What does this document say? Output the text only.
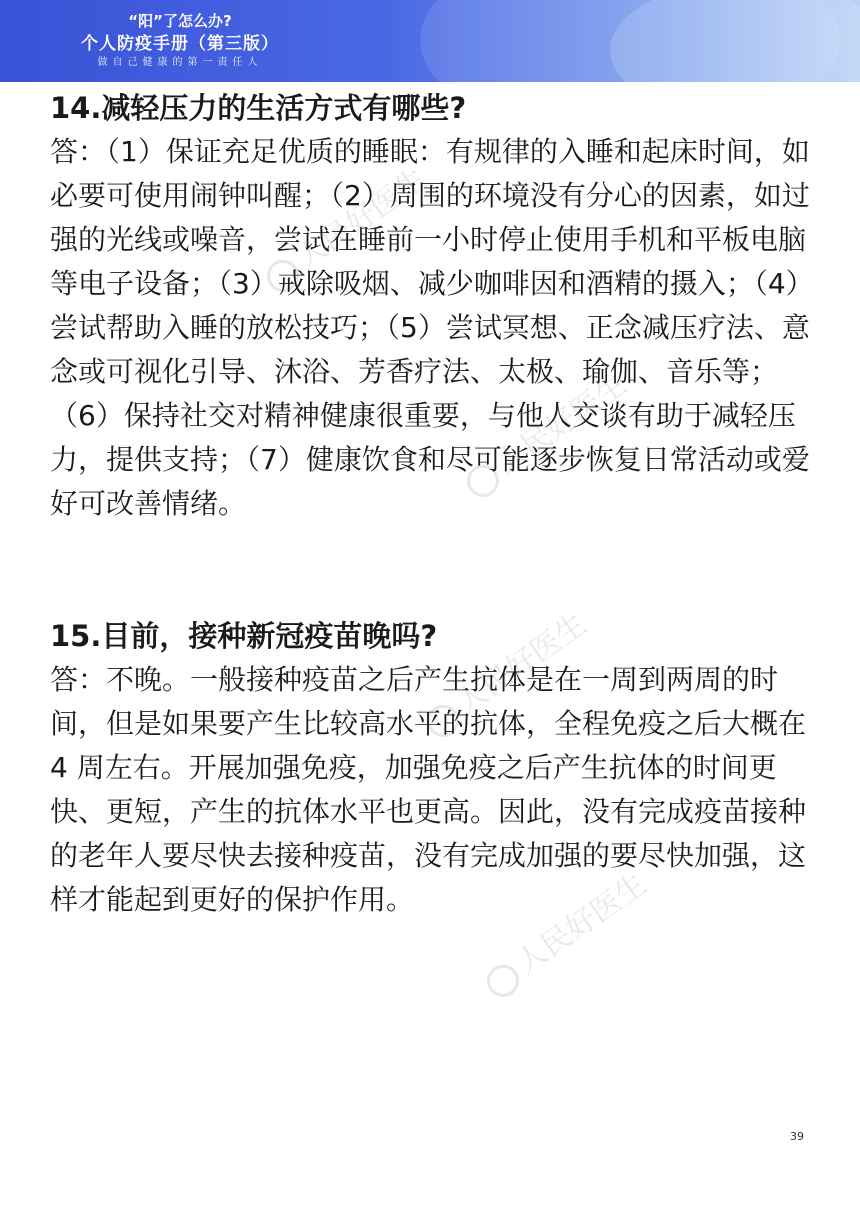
“阳”了怎么办?
个人防疫手册（第三版）
做自己健康的第一责任人
人民好医生
人民好医生
人民好医生
人民好医生
14.减轻压力的生活方式有哪些?

答：（1）保证充足优质的睡眠：有规律的入睡和起床时间，如必要可使用闹钟叫醒；（2）周围的环境没有分心的因素，如过强的光线或噪音，尝试在睡前一小时停止使用手机和平板电脑等电子设备；（3）戒除吸烟、减少咖啡因和酒精的摄入；（4）尝试帮助入睡的放松技巧；（5）尝试冥想、正念减压疗法、意念或可视化引导、沐浴、芳香疗法、太极、瑜伽、音乐等；（6）保持社交对精神健康很重要，与他人交谈有助于减轻压力，提供支持；（7）健康饮食和尽可能逐步恢复日常活动或爱好可改善情绪。

15.目前，接种新冠疫苗晚吗?

答：不晚。一般接种疫苗之后产生抗体是在一周到两周的时间，但是如果要产生比较高水平的抗体，全程免疫之后大概在 4 周左右。开展加强免疫，加强免疫之后产生抗体的时间更快、更短，产生的抗体水平也更高。因此，没有完成疫苗接种的老年人要尽快去接种疫苗，没有完成加强的要尽快加强，这样才能起到更好的保护作用。

39
